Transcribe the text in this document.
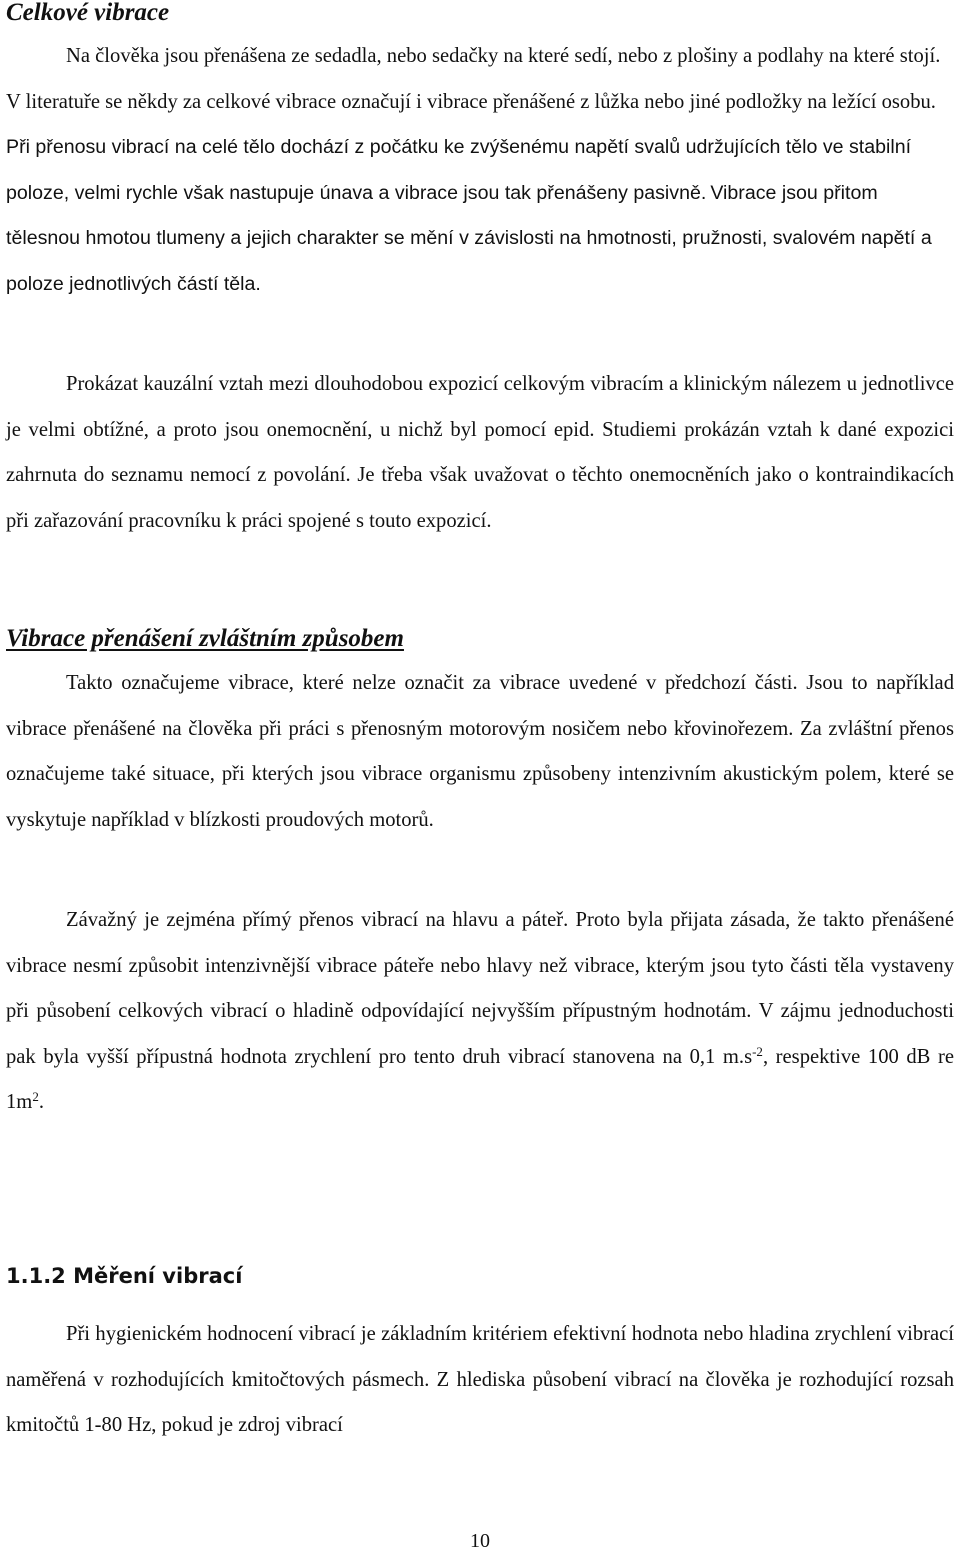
Celkové vibrace
Na člověka jsou přenášena ze sedadla, nebo sedačky na které sedí, nebo z plošiny a podlahy na které stojí. V literatuře se někdy za celkové vibrace označují i vibrace přenášené z lůžka nebo jiné podložky na ležící osobu. Při přenosu vibrací na celé tělo dochází z počátku ke zvýšenému napětí svalů udržujících tělo ve stabilní poloze, velmi rychle však nastupuje únava a vibrace jsou tak přenášeny pasivně. Vibrace jsou přitom tělesnou hmotou tlumeny a jejich charakter se mění v závislosti na hmotnosti, pružnosti, svalovém napětí a poloze jednotlivých částí těla.
Prokázat kauzální vztah mezi dlouhodobou expozicí celkovým vibracím a klinickým nálezem u jednotlivce je velmi obtížné, a proto jsou onemocnění, u nichž byl pomocí epid. Studiemi prokázán vztah k dané expozici zahrnuta do seznamu nemocí z povolání. Je třeba však uvažovat o těchto onemocněních jako o kontraindikacích při zařazování pracovníku k práci spojené s touto expozicí.
Vibrace přenášení zvláštním způsobem
Takto označujeme vibrace, které nelze označit za vibrace uvedené v předchozí části. Jsou to například vibrace přenášené na člověka při práci s přenosným motorovým nosičem nebo křovinořezem. Za zvláštní přenos označujeme také situace, při kterých jsou vibrace organismu způsobeny intenzivním akustickým polem, které se vyskytuje například v blízkosti proudových motorů.
Závažný je zejména přímý přenos vibrací na hlavu a páteř. Proto byla přijata zásada, že takto přenášené vibrace nesmí způsobit intenzivnější vibrace páteře nebo hlavy než vibrace, kterým jsou tyto části těla vystaveny při působení celkových vibrací o hladině odpovídající nejvyšším přípustným hodnotám. V zájmu jednoduchosti pak byla vyšší přípustná hodnota zrychlení pro tento druh vibrací stanovena na 0,1 $m.s^{-2}$, respektive 100 dB re $1m^2$.
1.1.2 Měření vibrací
Při hygienickém hodnocení vibrací je základním kritériem efektivní hodnota nebo hladina zrychlení vibrací naměřená v rozhodujících kmitočtových pásmech. Z hlediska působení vibrací na člověka je rozhodující rozsah kmitočtů 1-80 Hz, pokud je zdroj vibrací
10
